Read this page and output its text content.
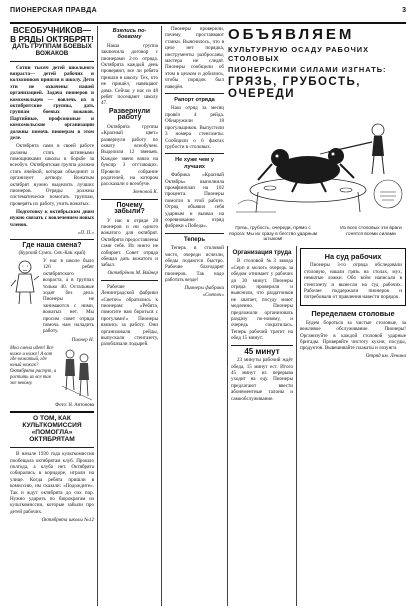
ПИОНЕРСКАЯ ПРАВДА	3
ВСЕОБУЧНИКОВ— В РЯДЫ ОКТЯБРЯТ!
ДАТЬ ГРУППАМ БОЕВЫХ ВОЖАКОВ

Сотни тысяч детей школьного возраста— детей рабочих и колхозников пришли в школу. Дети эти не охвачены нашей организацией. Задача пионеров и комсомольцев — вовлечь их в октябрятские группы, дать группам боевых вожаков. Партийные, профсоюзные и комсомольские организации должны помочь пионерам в этом деле.

Октябрята сами в своей работе должны стать активными помощниками школы в борьбе за всеобуч. Октябрятская группа должна стать ячейкой, которая объединит и организует детвору. Вожатым октябрят нужно выделить лучших пионеров. Отряды должны систематически помогать группам, проверять их работу, учить вожатых.

Подготовку к октябрьским дням нужно связать с вовлечением новых членов.

«П. П.»
Где наша смена?
(Курский Сумск. Сев.-Кав. край)

У нас в школе было 126 ребят октябрятского возраста, а в группах только 40. Остальные ходят без дела. Пионеры не занимаются с ними, вожатых нет. Мы просим совет отряда помочь нам наладить работу.

Пионер Н.

Мои смена идет! Все ниже и ниже! А вот где вожатый, где юный вожак? Октябрята растут, а растить их все так же некому.

Фото: Н. Антонова
О ТОМ, КАК КУЛЬТКОМИССИЯ «ПОМОГЛА» ОКТЯБРЯТАМ

В начале 1930 года культкомиссия пообещала октябрятам клуб. Прошло полгода, а клуба нет. Октябрята собирались в коридоре, играли на улице. Когда ребята пришли в комиссию, им сказали: «Подождите». Так и ждут октябрята до сих пор. Нужно ударить по бюрократам из культкомиссии, которые забыли про детей рабочих.

Октябрята школы №12
Взялись по-боевому

Наша группа заключила договор с пионерами 2-го отряда. Октябрята каждый день проверяют, все ли ребята пришли в школу. Тех, кто не пришёл, навещают дома. Сейчас у нас из 48 ребят посещают школу 47.

Развернули работу

Октябрята группы «Красный цвет» развернули работу по охвату всеобучем. Выделили 12 звеньев. Каждое звено взяло на буксир 3 отстающих. Провели собрание родителей, на котором рассказали о всеобуче.

Звеновой К.
Почему забыли?

У нас в отряде 28 пионеров и ни одного вожатого для октябрят. Октябрята предоставлены сами себе. Их никто не собирает. Совет отряда обещал дать вожатого и забыл.

Октябрёнок М. Вайнер

Рабочие Ленинградской фабрики «Светоч» обратились к пионерам: «Ребята, помогите нам бороться с прогулами!» Пионеры взялись за работу. Они организовали рейды, выпускали стенгазету, разоблачали лодырей.

Пионеры проверили, почему простаивают станки. Выяснилось, что в цехе нет порядка, инструменты разбросаны, мастера не следят. Пионеры сообщили об этом в цехком и добились, чтобы порядок был наведён.

Рапорт отряда

Наш отряд за месяц провёл 4 рейда. Обнаружили 18 прогульщиков. Выпустили 3 номера стенгазеты. Сообщили о 6 фактах грубости в столовых.

Не хуже чем у лучших

Фабрика «Красный Октябрь» выполнила промфинплан на 102 процента. Пионеры помогли в этой работе. Отряд объявил себя ударным и вызвал на соревнование отряд фабрики «Победа».

Теперь

Теперь в столовой чисто, очереди исчезли, обеды подаются быстро. Рабочие благодарят пионеров. Так надо работать везде!

Пионеры фабрики «Светоч»
ОБЪЯВЛЯЕМ
КУЛЬТУРНУЮ ОСАДУ РАБОЧИХ СТОЛОВЫХ
ПИОНЕРСКИМИ СИЛАМИ ИЗГНАТЬ:
ГРЯЗЬ, ГРУБОСТЬ, ОЧЕРЕДИ
Грязь, грубость, очереди, прямо с порога: Мы их сразу в бегство ударным штыком!
Из всех столовых эти враги гонятся всеми силами
Организация труда

В столовой №3 завода «Серп и молот» очередь за обедом отнимает у рабочих до 30 минут. Пионеры отряда проверили и выяснили, что раздатчиков не хватает, посуду моют медленно. Пионеры предложили организовать раздачу по-новому, и очередь сократилась. Теперь рабочий тратит на обед 15 минут.

45 минут

23 минуты рабочий ждёт обеда, 15 минут ест. Итого 45 минут из перерыва уходит на еду. Пионеры предлагают ввести абонементные талоны и самообслуживание.

На суд рабочих

Пионеры 3-го отряда обследовали столовую, нашли грязь на столах, мух, немытые ложки. Обо всём написали в стенгазету и вынесли на суд рабочих. Рабочие поддержали пионеров и потребовали от правления навести порядок.

Переделаем столовые

Будем бороться за чистые столовые, за вежливое обслуживание. Пионеры! Организуйте в каждой столовой ударные бригады. Проверяйте чистоту кухни, посуды, продуктов. Вывешивайте плакаты и лозунги.

Отряд им. Ленина
